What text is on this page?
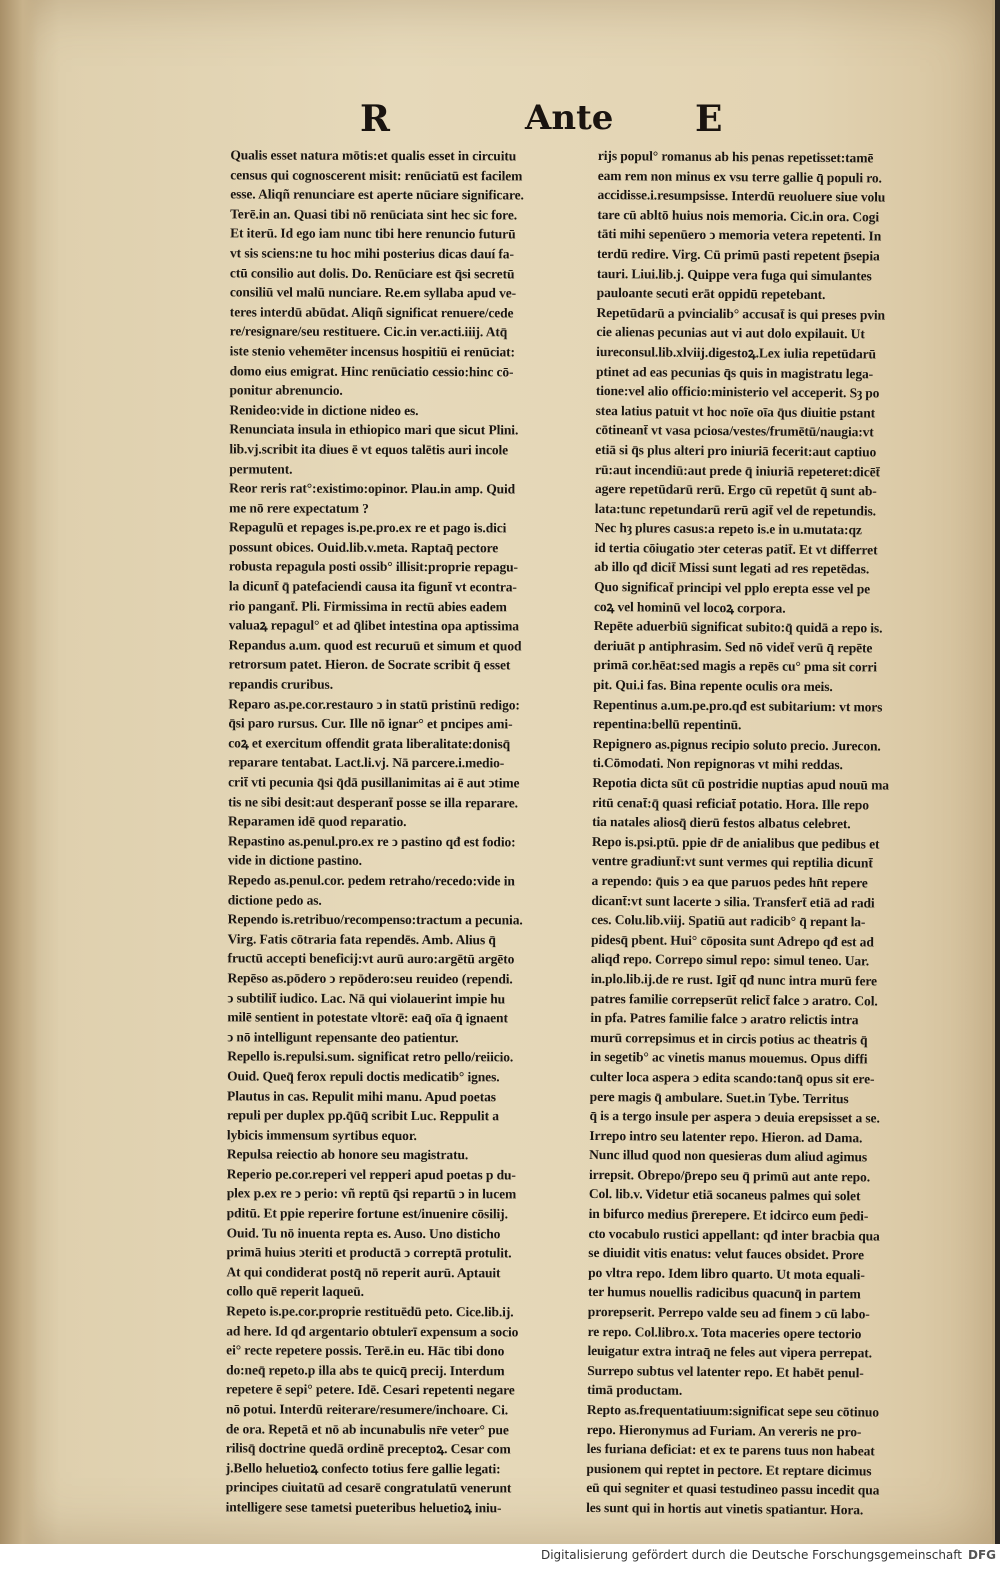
R	Ante E
Qualis esset natura mōtis:et qualis esset in circuitu
census qui cognoscerent misit: renūciatū est facilem
esse. Aliqñ renunciare est aperte nūciare significare.
Terē.in an. Quasi tibi nō renūciata sint hec sic fore.
Et iterū. Id ego iam nunc tibi here renuncio futurū
vt sis sciens:ne tu hoc mihi posterius dicas dauí fa-
ctū consilio aut dolis. Do. Renūciare est q̄si secretū
consiliū vel malū nunciare. Re.em syllaba apud ve-
teres interdū abūdat. Aliqñ significat renuere/cede
re/resignare/seu restituere. Cic.in ver.acti.iiij. Atq̄
iste stenio vehemēter incensus hospitiū ei renūciat:
domo eius emigrat. Hinc renūciatio cessio:hinc cō-
ponitur abrenuncio.
Renideo:vide in dictione nideo es.
Renunciata insula in ethiopico mari que sicut Plini.
lib.vj.scribit ita diues ē vt equos talētis auri incole
permutent.
Reor reris rat°:existimo:opinor. Plau.in amp. Quid
me nō rere expectatum ?
Repagulū et repages is.pe.pro.ex re et pago is.dici
possunt obices. Ouid.lib.v.meta. Raptaq̄ pectore
robusta repagula posti ossib° illisit:proprie repagu-
la dicunt̄ q̄ patefaciendi causa ita figunt̄ vt econtra-
rio pangant̄. Pli. Firmissima in rectū abies eadem
valuaꝝ repagul° et ad q̄libet intestina opa aptissima
Repandus a.um. quod est recuruū et simum et quod
retrorsum patet. Hieron. de Socrate scribit q̄ esset
repandis cruribus.
Reparo as.pe.cor.restauro ↄ in statū pristinū redigo:
q̄si paro rursus. Cur. Ille nō ignar° et pncipes ami-
coꝝ et exercitum offendit grata liberalitate:donisq̄
reparare tentabat. Lact.li.vj. Nā parcere.i.medio-
crit̄ vti pecunia q̄si q̄dā pusillanimitas ai ē aut ↄtime
tis ne sibi desit:aut desperant̄ posse se illa reparare.
Reparamen idē quod reparatio.
Repastino as.penul.pro.ex re ↄ pastino qđ est fodio:
vide in dictione pastino.
Repedo as.penul.cor. pedem retraho/recedo:vide in
dictione pedo as.
Rependo is.retribuo/recompenso:tractum a pecunia.
Virg. Fatis cōtraria fata rependēs. Amb. Alius q̄
fructū accepti beneficij:vt aurū auro:argētū argēto
Repēso as.pōdero ↄ repōdero:seu reuideo (rependi.
ↄ subtilit̄ iudico. Lac. Nā qui violauerint impie hu
milē sentient in potestate vltorē: eaq̄ oīa q̄ ignaent
ↄ nō intelligunt repensante deo patientur.
Repello is.repulsi.sum. significat retro pello/reiicio.
Ouid. Queq̄ ferox repuli doctis medicatib° ignes.
Plautus in cas. Repulit mihi manu. Apud poetas
repuli per duplex pp.q̄ūq̄ scribit Luc. Reppulit a
lybicis immensum syrtibus equor.
Repulsa reiectio ab honore seu magistratu.
Reperio pe.cor.reperi vel repperi apud poetas p du-
plex p.ex re ↄ perio: vñ reptū q̄si repartū ↄ in lucem
pditū. Et ppie reperire fortune est/inuenire cōsilij.
Ouid. Tu nō inuenta repta es. Auso. Uno disticho
primā huius ↄteriti et productā ↄ correptā protulit.
At qui condiderat postq̄ nō reperit aurū. Aptauit
collo quē reperit laqueū.
Repeto is.pe.cor.proprie restituēdū peto. Cice.lib.ij.
ad here. Id qđ argentario obtulerī expensum a socio
ei° recte repetere possis. Terē.in eu. Hāc tibi dono
do:neq̄ repeto.p illa abs te quicq̄ precij. Interdum
repetere ē sepi° petere. Idē. Cesari repetenti negare
nō potui. Interdū reiterare/resumere/inchoare. Ci.
de ora. Repetā et nō ab incunabulis nr̄e veter° pue
rilisq̄ doctrine quedā ordinē preceptoꝝ. Cesar com
j.Bello heluetioꝝ confecto totius fere gallie legati:
principes ciuitatū ad cesarē congratulatū venerunt
intelligere sese tametsi pueteribus heluetioꝝ iniu-
rijs popul° romanus ab his penas repetisset:tamē
eam rem non minus ex vsu terre gallie q̄ populi ro.
accidisse.i.resumpsisse. Interdū reuoluere siue volu
tare cū abltō huius nois memoria. Cic.in ora. Cogi
tāti mihi sepenūero ↄ memoria vetera repetenti. In
terdū redire. Virg. Cū primū pasti repetent p̄sepia
tauri. Liui.lib.j. Quippe vera fuga qui simulantes
pauloante secuti erāt oppidū repetebant.
Repetūdarū a pvincialib° accusat̄ is qui preses pvin
cie alienas pecunias aut vi aut dolo expilauit. Ut
iureconsul.lib.xlviij.digestoꝝ.Lex iulia repetūdarū
ptinet ad eas pecunias q̄s quis in magistratu lega-
tione:vel alio officio:ministerio vel acceperit. Sȝ po
stea latius patuit vt hoc noīe oīa q̄us diuitie pstant
cōtineant̄ vt vasa pciosa/vestes/frumētū/naugia:vt
etiā si q̄s plus alteri pro iniuriā fecerit:aut captiuo
rū:aut incendiū:aut prede q̄ iniuriā repeteret:dicēt̄
agere repetūdarū rerū. Ergo cū repetūt q̄ sunt ab-
lata:tunc repetundarū rerū agit̄ vel de repetundis.
Nec hȝ plures casus:a repeto is.e in u.mutata:qz
id tertia cōiugatio ↄter ceteras patit̄. Et vt differret
ab illo qđ dicit̄ Missi sunt legati ad res repetēdas.
Quo significat̄ principi vel pplo erepta esse vel pe
coꝝ vel hominū vel locoꝝ corpora.
Repēte aduerbiū significat subito:q̄ quidā a repo is.
deriuāt p antiphrasim. Sed nō videt̄ verū q̄ repēte
primā cor.hēat:sed magis a repēs cu° pma sit corri
pit. Qui.i fas. Bina repente oculis ora meis.
Repentinus a.um.pe.pro.qđ est subitarium: vt mors
repentina:bellū repentinū.
Repignero as.pignus recipio soluto precio. Jurecon.
ti.Cōmodati. Non repignoras vt mihi reddas.
Repotia dicta sūt cū postridie nuptias apud nouū ma
ritū cenat̄:q̄ quasi reficiat̄ potatio. Hora. Ille repo
tia natales aliosq̄ dierū festos albatus celebret.
Repo is.psi.ptū. ppie dr̄ de anialibus que pedibus et
ventre gradiunt̄:vt sunt vermes qui reptilia dicunt̄
a rependo: q̄uis ↄ ea que paruos pedes hn̄t repere
dicant̄:vt sunt lacerte ↄ silia. Transfert̄ etiā ad radi
ces. Colu.lib.viij. Spatiū aut radicib° q̄ repant la-
pidesq̄ pbent. Hui° cōposita sunt Adrepo qđ est ad
aliqđ repo. Correpo simul repo: simul teneo. Uar.
in.plo.lib.ij.de re rust. Igit̄ qđ nunc intra murū fere
patres familie correpserūt relict̄ falce ↄ aratro. Col.
in pfa. Patres familie falce ↄ aratro relictis intra
murū correpsimus et in circis potius ac theatris q̄
in segetib° ac vinetis manus mouemus. Opus diffi
culter loca aspera ↄ edita scando:tanq̄ opus sit ere-
pere magis q̄ ambulare. Suet.in Tybe. Territus
q̄ is a tergo insule per aspera ↄ deuia erepsisset a se.
Irrepo intro seu latenter repo. Hieron. ad Dama.
Nunc illud quod non quesieras dum aliud agimus
irrepsit. Obrepo/p̄repo seu q̄ primū aut ante repo.
Col. lib.v. Videtur etiā socaneus palmes qui solet
in bifurco medius p̄rerepere. Et idcirco eum p̄edi-
cto vocabulo rustici appellant: qđ inter bracbia qua
se diuidit vitis enatus: velut fauces obsidet. Prore
po vltra repo. Idem libro quarto. Ut mota equali-
ter humus nouellis radicibus quacunq̄ in partem
prorepserit. Perrepo valde seu ad finem ↄ cū labo-
re repo. Col.libro.x. Tota maceries opere tectorio
leuigatur extra intraq̄ ne feles aut vipera perrepat.
Surrepo subtus vel latenter repo. Et habēt penul-
timā productam.
Repto as.frequentatiuum:significat sepe seu cōtinuo
repo. Hieronymus ad Furiam. An vereris ne pro-
les furiana deficiat: et ex te parens tuus non habeat
pusionem qui reptet in pectore. Et reptare dicimus
eū qui segniter et quasi testudineo passu incedit qua
les sunt qui in hortis aut vinetis spatiantur. Hora.
Digitalisierung gefördert durch die Deutsche Forschungsgemeinschaft DFG
